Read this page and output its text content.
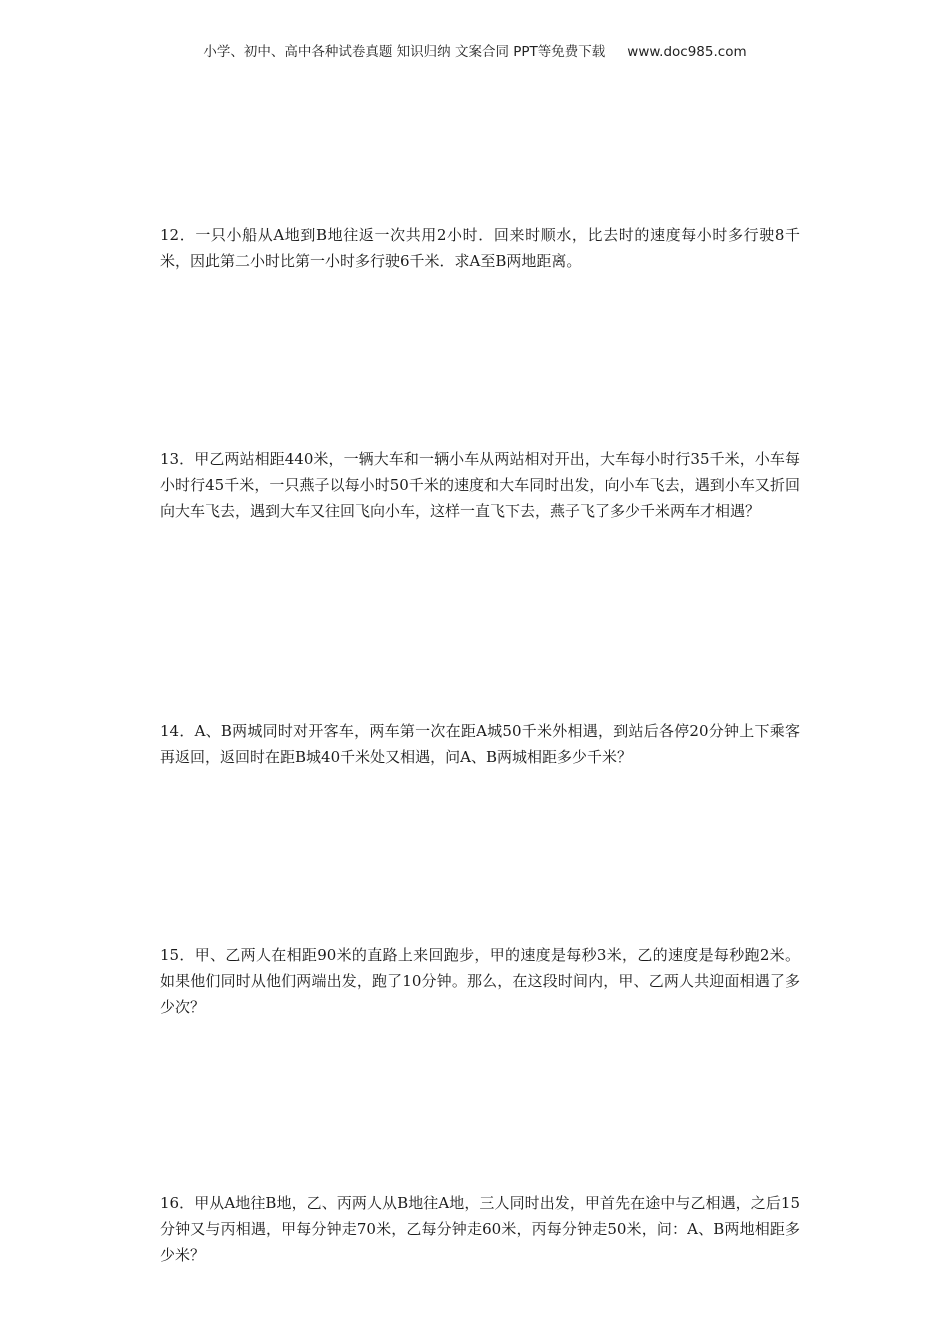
小学、初中、高中各种试卷真题 知识归纳 文案合同 PPT等免费下载 www.doc985.com

12．一只小船从A地到B地往返一次共用2小时．回来时顺水，比去时的速度每小时多行驶8千米，因此第二小时比第一小时多行驶6千米．求A至B两地距离。

13．甲乙两站相距440米，一辆大车和一辆小车从两站相对开出，大车每小时行35千米，小车每小时行45千米，一只燕子以每小时50千米的速度和大车同时出发，向小车飞去，遇到小车又折回向大车飞去，遇到大车又往回飞向小车，这样一直飞下去，燕子飞了多少千米两车才相遇？

14．A、B两城同时对开客车，两车第一次在距A城50千米外相遇，到站后各停20分钟上下乘客再返回，返回时在距B城40千米处又相遇，问A、B两城相距多少千米？

15．甲、乙两人在相距90米的直路上来回跑步，甲的速度是每秒3米，乙的速度是每秒跑2米。如果他们同时从他们两端出发，跑了10分钟。那么，在这段时间内，甲、乙两人共迎面相遇了多少次？

16．甲从A地往B地，乙、丙两人从B地往A地，三人同时出发，甲首先在途中与乙相遇，之后15分钟又与丙相遇，甲每分钟走70米，乙每分钟走60米，丙每分钟走50米，问：A、B两地相距多少米？
